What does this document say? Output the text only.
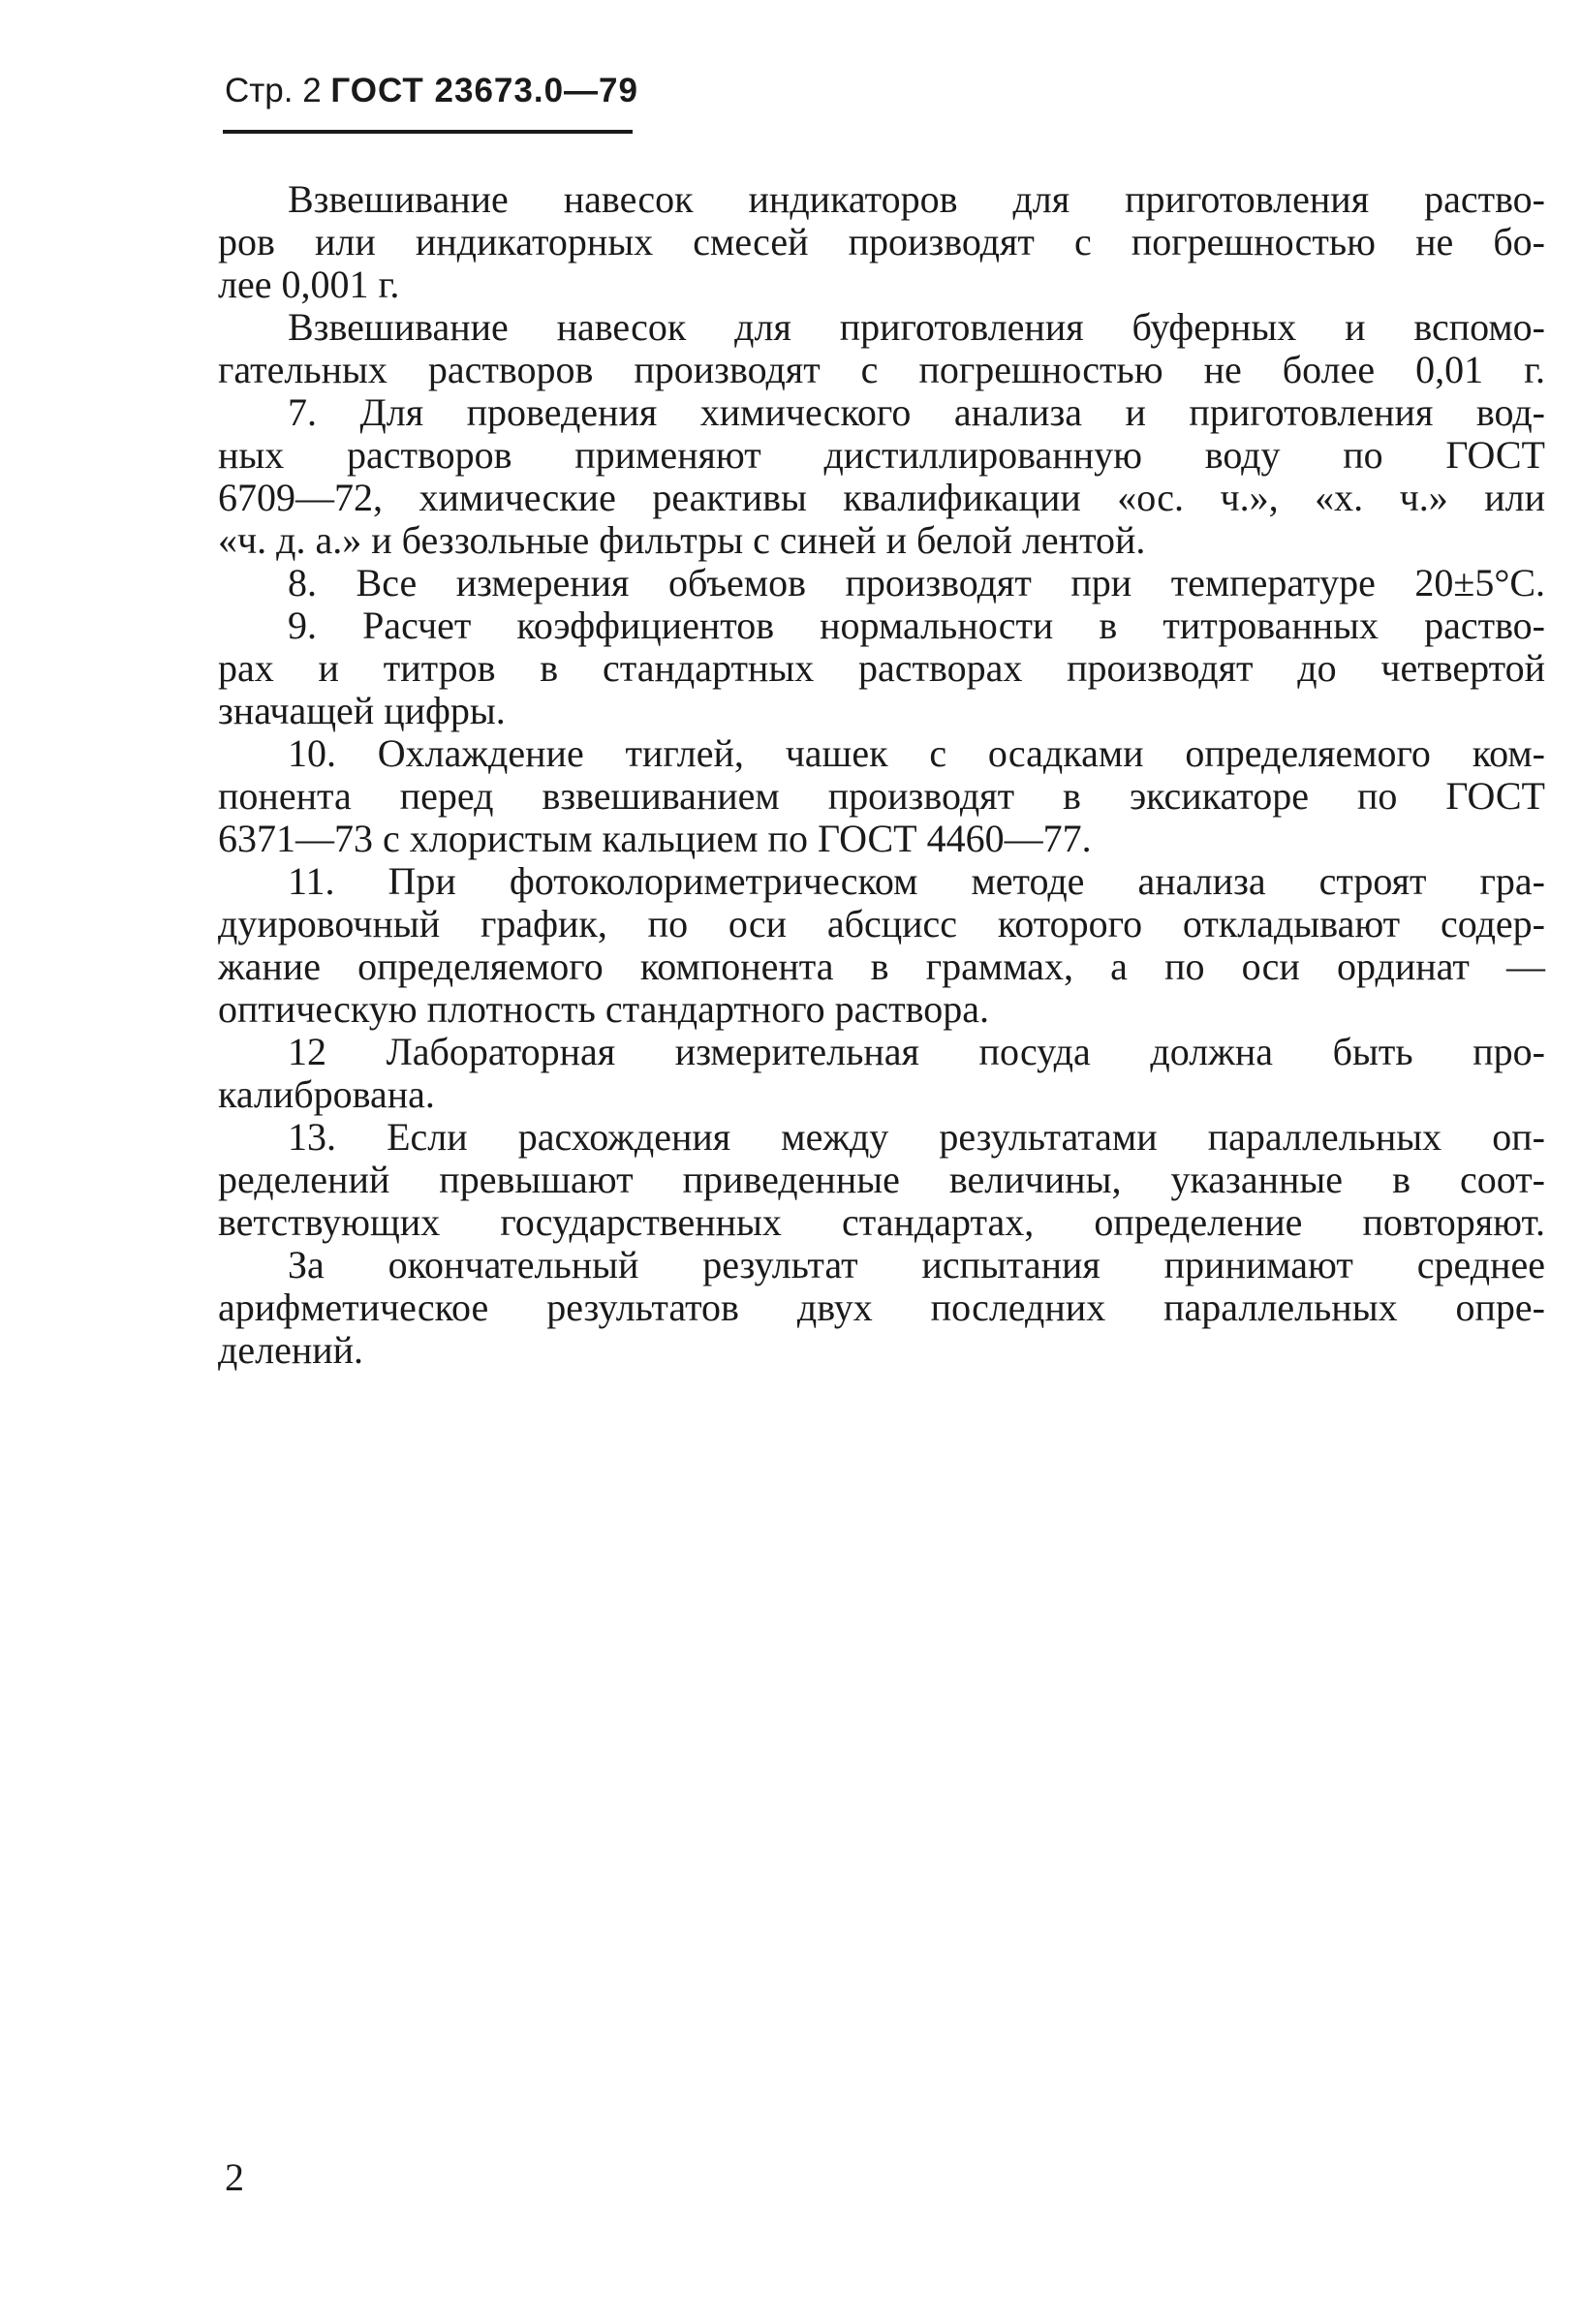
Стр. 2 ГОСТ 23673.0—79
Взвешивание навесок индикаторов для приготовления раство-
ров или индикаторных смесей производят с погрешностью не бо-
лее 0,001 г.
Взвешивание навесок для приготовления буферных и вспомо-
гательных растворов производят с погрешностью не более 0,01 г.
7. Для проведения химического анализа и приготовления вод-
ных растворов применяют дистиллированную воду по ГОСТ
6709—72, химические реактивы квалификации «ос. ч.», «х. ч.» или
«ч. д. а.» и беззольные фильтры с синей и белой лентой.
8. Все измерения объемов производят при температуре 20±5°С.
9. Расчет коэффициентов нормальности в титрованных раство-
рах и титров в стандартных растворах производят до четвертой
значащей цифры.
10. Охлаждение тиглей, чашек с осадками определяемого ком-
понента перед взвешиванием производят в эксикаторе по ГОСТ
6371—73 с хлористым кальцием по ГОСТ 4460—77.
11. При фотоколориметрическом методе анализа строят гра-
дуировочный график, по оси абсцисс которого откладывают содер-
жание определяемого компонента в граммах, а по оси ординат —
оптическую плотность стандартного раствора.
12 Лабораторная измерительная посуда должна быть про-
калибрована.
13. Если расхождения между результатами параллельных оп-
ределений превышают приведенные величины, указанные в соот-
ветствующих государственных стандартах, определение повторяют.
За окончательный результат испытания принимают среднее
арифметическое результатов двух последних параллельных опре-
делений.
2
